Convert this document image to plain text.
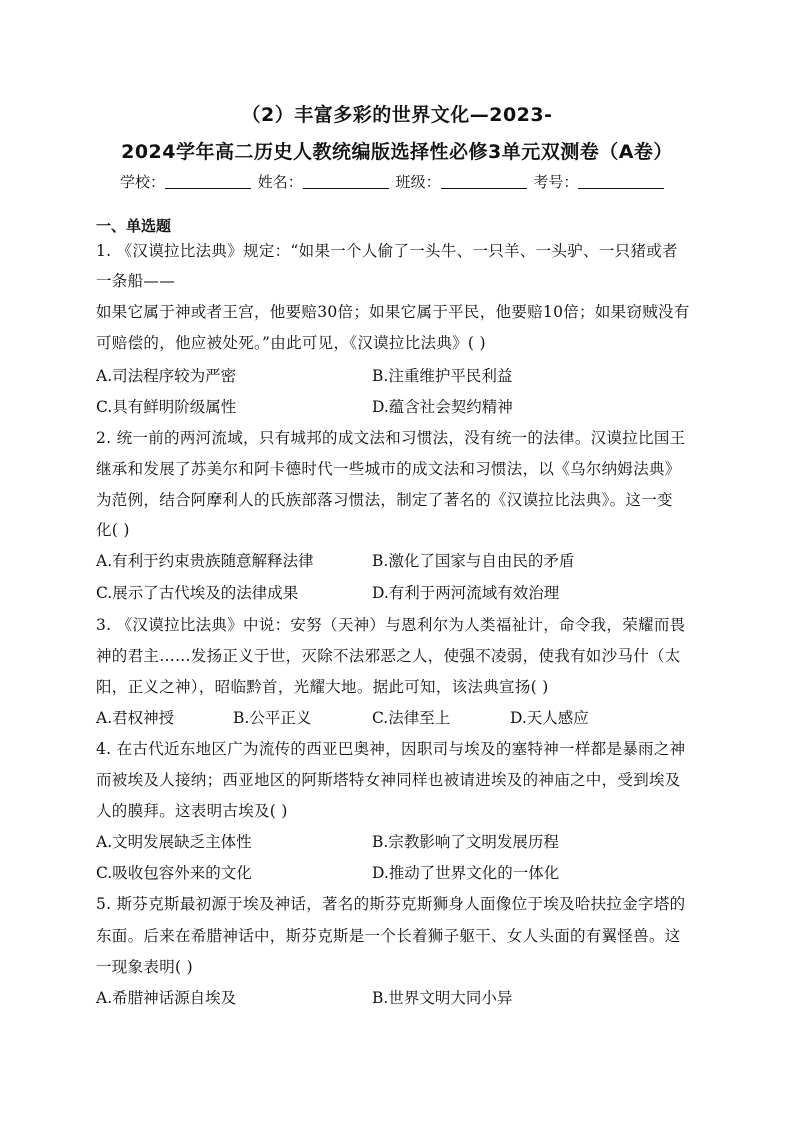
（2）丰富多彩的世界文化—2023-
2024学年高二历史人教统编版选择性必修3单元双测卷（A卷）
学校：	姓名：	班级：	考号：
一、单选题
1. 《汉谟拉比法典》规定：“如果一个人偷了一头牛、一只羊、一头驴、一只猪或者
一条船——
如果它属于神或者王宫，他要赔30倍；如果它属于平民，他要赔10倍；如果窃贼没有
可赔偿的，他应被处死。”由此可见，《汉谟拉比法典》( )
A.司法程序较为严密	B.注重维护平民利益
C.具有鲜明阶级属性	D.蕴含社会契约精神
2. 统一前的两河流域，只有城邦的成文法和习惯法，没有统一的法律。汉谟拉比国王
继承和发展了苏美尔和阿卡德时代一些城市的成文法和习惯法，以《乌尔纳姆法典》
为范例，结合阿摩利人的氏族部落习惯法，制定了著名的《汉谟拉比法典》。这一变
化( )
A.有利于约束贵族随意解释法律	B.激化了国家与自由民的矛盾
C.展示了古代埃及的法律成果	D.有利于两河流域有效治理
3. 《汉谟拉比法典》中说：安努（天神）与恩利尔为人类福祉计，命令我，荣耀而畏
神的君主……发扬正义于世，灭除不法邪恶之人，使强不凌弱，使我有如沙马什（太
阳，正义之神），昭临黔首，光耀大地。据此可知，该法典宣扬( )
A.君权神授	B.公平正义	C.法律至上	D.天人感应
4. 在古代近东地区广为流传的西亚巴奥神，因职司与埃及的塞特神一样都是暴雨之神
而被埃及人接纳；西亚地区的阿斯塔特女神同样也被请进埃及的神庙之中，受到埃及
人的膜拜。这表明古埃及( )
A.文明发展缺乏主体性	B.宗教影响了文明发展历程
C.吸收包容外来的文化	D.推动了世界文化的一体化
5. 斯芬克斯最初源于埃及神话，著名的斯芬克斯狮身人面像位于埃及哈扶拉金字塔的
东面。后来在希腊神话中，斯芬克斯是一个长着狮子躯干、女人头面的有翼怪兽。这
一现象表明( )
A.希腊神话源自埃及	B.世界文明大同小异
